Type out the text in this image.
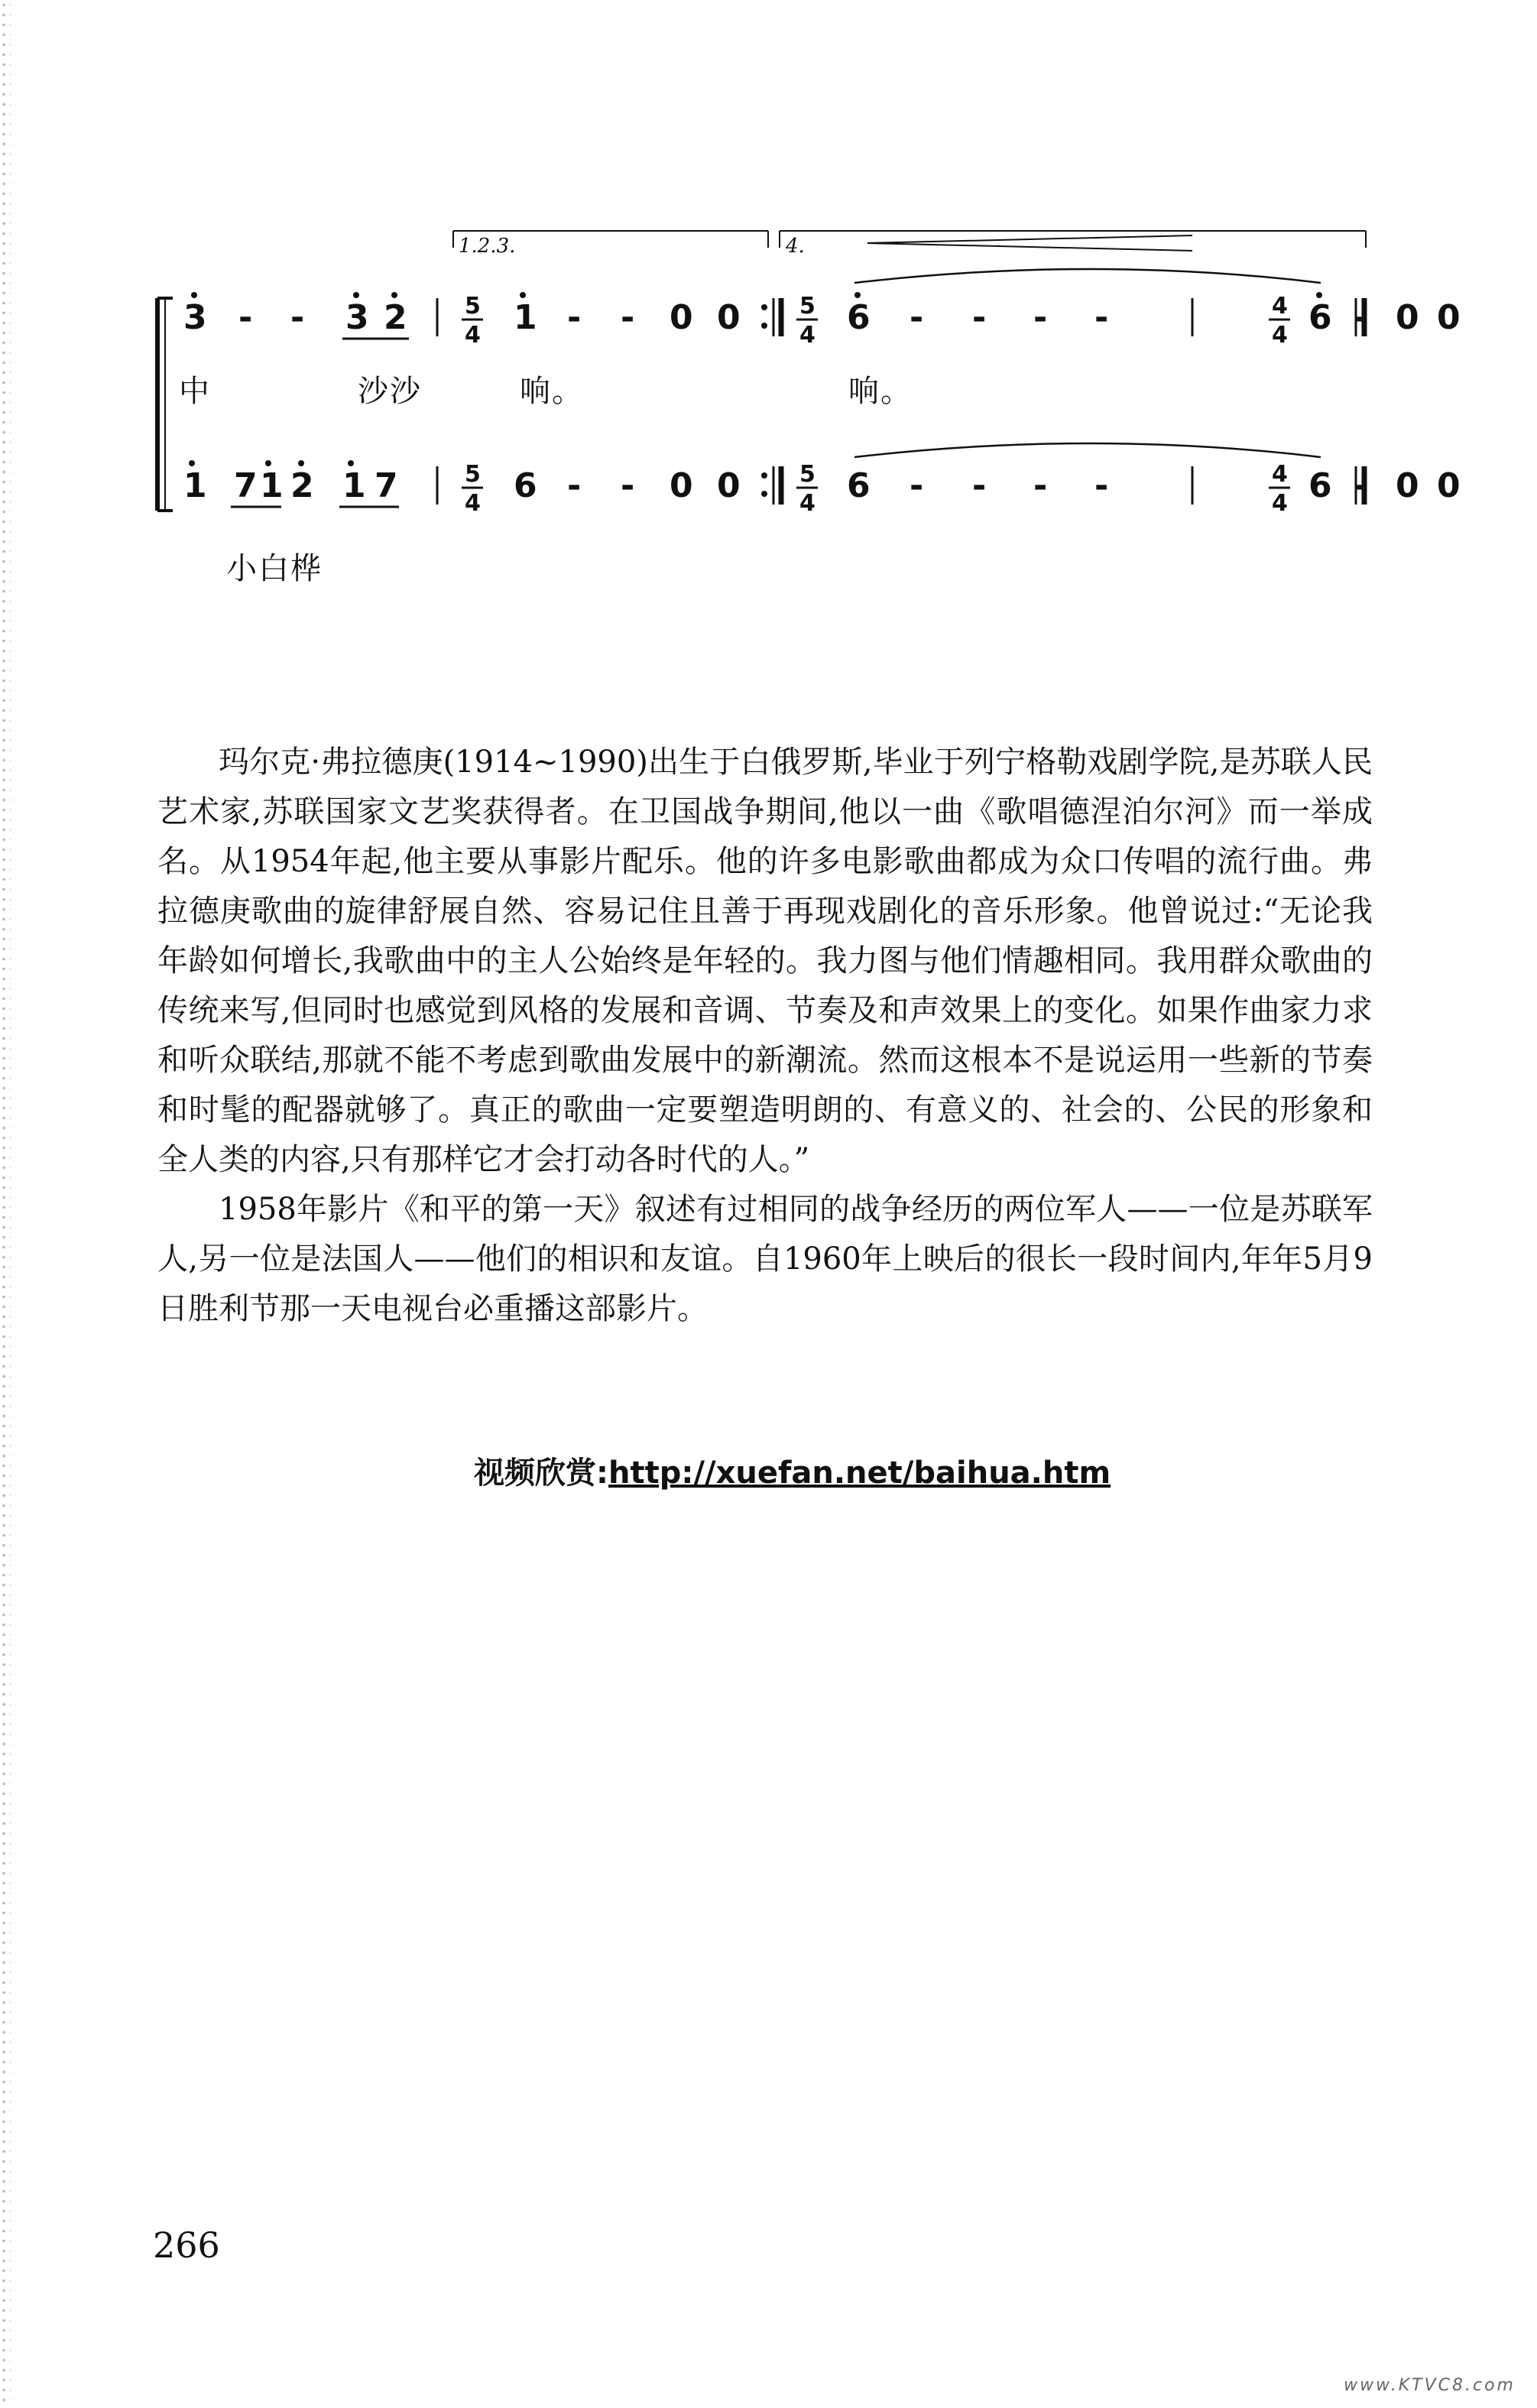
1.2.3.	4.
3 - - 3 2	5
4 1 - - 0 0	5
4 6 - - - -	4
4 6 - 0 0
1 7 1 2 1 7	5
4 6 - - 0 0	5
4 6 - - - -	4
4 6 - 0 0
中	沙沙	响。	响。
小白桦

玛尔克·弗拉德庚(1914~1990)出生于白俄罗斯,毕业于列宁格勒戏剧学院,是苏联人民艺术家,苏联国家文艺奖获得者。在卫国战争期间,他以一曲《歌唱德涅泊尔河》而一举成名。从1954年起,他主要从事影片配乐。他的许多电影歌曲都成为众口传唱的流行曲。弗拉德庚歌曲的旋律舒展自然、容易记住且善于再现戏剧化的音乐形象。他曾说过:“无论我年龄如何增长,我歌曲中的主人公始终是年轻的。我力图与他们情趣相同。我用群众歌曲的传统来写,但同时也感觉到风格的发展和音调、节奏及和声效果上的变化。如果作曲家力求和听众联结,那就不能不考虑到歌曲发展中的新潮流。然而这根本不是说运用一些新的节奏和时髦的配器就够了。真正的歌曲一定要塑造明朗的、有意义的、社会的、公民的形象和全人类的内容,只有那样它才会打动各时代的人。”

1958年影片《和平的第一天》叙述有过相同的战争经历的两位军人——一位是苏联军人,另一位是法国人——他们的相识和友谊。自1960年上映后的很长一段时间内,年年5月9日胜利节那一天电视台必重播这部影片。

视频欣赏:http://xuefan.net/baihua.htm
266
www.KTVC8.com
